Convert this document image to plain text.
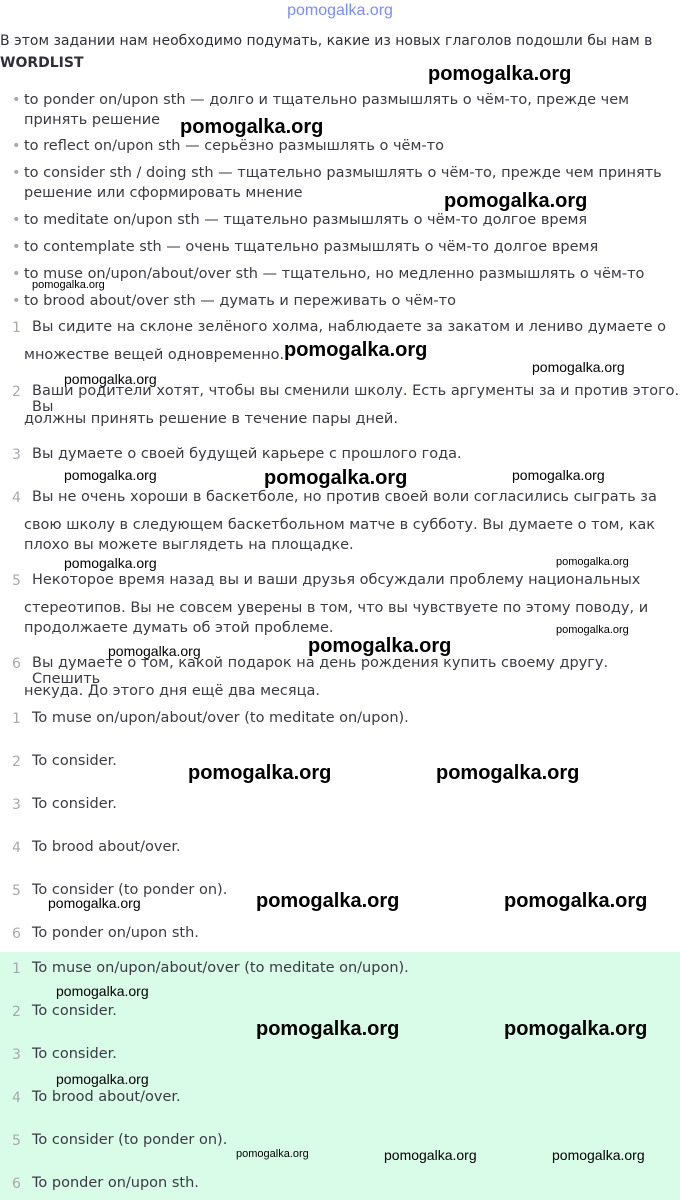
pomogalka.org
В этом задании нам необходимо подумать, какие из новых глаголов подошли бы нам в
WORDLIST
• to ponder on/upon sth — долго и тщательно размышлять о чём-то, прежде чем
принять решение
• to reflect on/upon sth — серьёзно размышлять о чём-то
• to consider sth / doing sth — тщательно размышлять о чём-то, прежде чем принять
решение или сформировать мнение
• to meditate on/upon sth — тщательно размышлять о чём-то долгое время
• to contemplate sth — очень тщательно размышлять о чём-то долгое время
• to muse on/upon/about/over sth — тщательно, но медленно размышлять о чём-то
• to brood about/over sth — думать и переживать о чём-то
1 Вы сидите на склоне зелёного холма, наблюдаете за закатом и лениво думаете о
множестве вещей одновременно.
2 Ваши родители хотят, чтобы вы сменили школу. Есть аргументы за и против этого. Вы
должны принять решение в течение пары дней.
3 Вы думаете о своей будущей карьере с прошлого года.
4 Вы не очень хороши в баскетболе, но против своей воли согласились сыграть за
свою школу в следующем баскетбольном матче в субботу. Вы думаете о том, как
плохо вы можете выглядеть на площадке.
5 Некоторое время назад вы и ваши друзья обсуждали проблему национальных
стереотипов. Вы не совсем уверены в том, что вы чувствуете по этому поводу, и
продолжаете думать об этой проблеме.
6 Вы думаете о том, какой подарок на день рождения купить своему другу. Спешить
некуда. До этого дня ещё два месяца.
1 To muse on/upon/about/over (to meditate on/upon).
2 To consider.
3 To consider.
4 To brood about/over.
5 To consider (to ponder on).
6 To ponder on/upon sth.
1 To muse on/upon/about/over (to meditate on/upon).
2 To consider.
3 To consider.
4 To brood about/over.
5 To consider (to ponder on).
6 To ponder on/upon sth.
pomogalka.org
pomogalka.org
pomogalka.org
pomogalka.org
pomogalka.org
pomogalka.org
pomogalka.org
pomogalka.org	pomogalka.org	pomogalka.org
pomogalka.org	pomogalka.org
pomogalka.org
pomogalka.org
pomogalka.org
pomogalka.org	pomogalka.org
pomogalka.org	pomogalka.org	pomogalka.org
pomogalka.org
pomogalka.org	pomogalka.org
pomogalka.org
pomogalka.org	pomogalka.org	pomogalka.org
